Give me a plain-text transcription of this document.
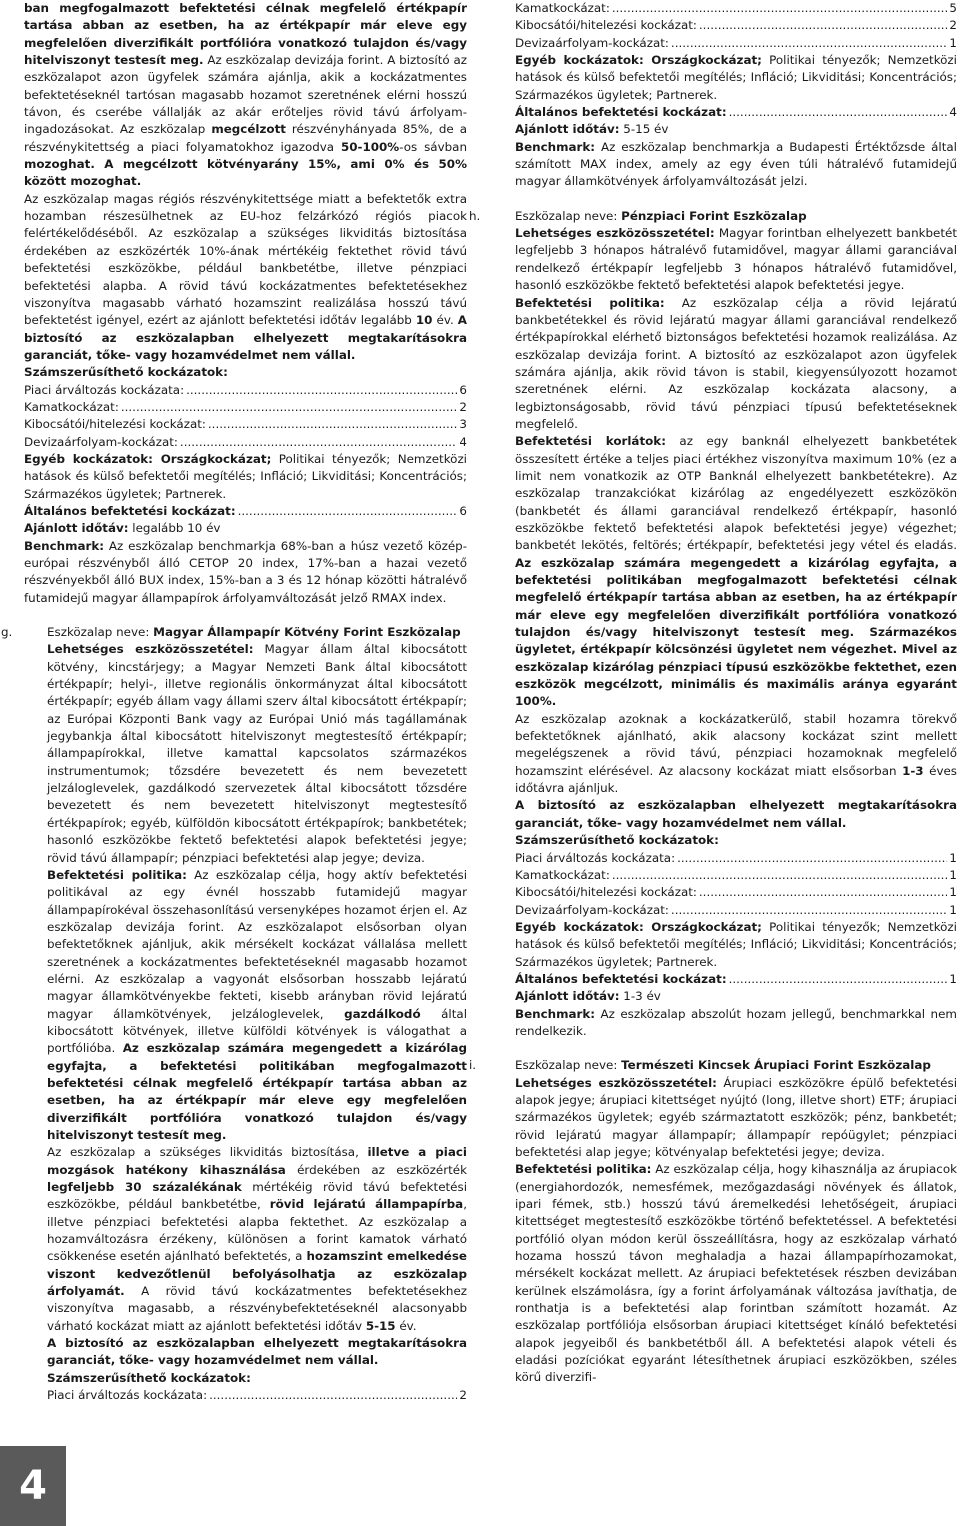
ban megfogalmazott befektetési célnak megfelelő értékpapír tartása abban az esetben, ha az értékpapír már eleve egy megfelelően diverzifikált portfólióra vonatkozó tulajdon és/vagy hitelviszonyt testesít meg. Az eszközalap devizája forint. A biztosító az eszközalapot azon ügyfelek számára ajánlja, akik a kockázatmentes befektetéseknél tartósan magasabb hozamot szeretnének elérni hosszú távon, és cserébe vállalják az akár erőteljes rövid távú árfolyam-ingadozásokat. Az eszközalap megcélzott részvényhányada 85%, de a részvénykitettség a piaci folyamatokhoz igazodva 50-100%-os sávban mozoghat. A megcélzott kötvényarány 15%, ami 0% és 50% között mozoghat.

Az eszközalap magas régiós részvénykitettsége miatt a befektetők extra hozamban részesülhetnek az EU-hoz felzárkózó régiós piacok felértékelődéséből. Az eszközalap a szükséges likviditás biztosítása érdekében az eszközérték 10%-ának mértékéig fektethet rövid távú befektetési eszközökbe, például bankbetétbe, illetve pénzpiaci befektetési alapba. A rövid távú kockázatmentes befektetésekhez viszonyítva magasabb várható hozamszint realizálása hosszú távú befektetést igényel, ezért az ajánlott befektetési időtáv legalább 10 év. A biztosító az eszközalapban elhelyezett megtakarításokra garanciát, tőke- vagy hozamvédelmet nem vállal.

Számszerűsíthető kockázatok:

Piaci árváltozás kockázata: .....	6
Kamatkockázat: .....	2
Kibocsátói/hitelezési kockázat: .....	3
Devizaárfolyam-kockázat: .....	4

Egyéb kockázatok: Országkockázat; Politikai tényezők; Nemzetközi hatások és külső befektetői megítélés; Infláció; Likviditási; Koncentrációs; Származékos ügyletek; Partnerek.

Általános befektetési kockázat: .....	6

Ajánlott időtáv: legalább 10 év

Benchmark: Az eszközalap benchmarkja 68%-ban a húsz vezető közép-európai részvényből álló CETOP 20 index, 17%-ban a hazai vezető részvényekből álló BUX index, 15%-ban a 3 és 12 hónap közötti hátralévő futamidejű magyar állampapírok árfolyamváltozását jelző RMAX index.

g.	Eszközalap neve: Magyar Állampapír Kötvény Forint Eszközalap

Lehetséges eszközösszetétel: Magyar állam által kibocsátott kötvény, kincstárjegy; a Magyar Nemzeti Bank által kibocsátott értékpapír; helyi-, illetve regionális önkormányzat által kibocsátott értékpapír; egyéb állam vagy állami szerv által kibocsátott értékpapír; az Európai Központi Bank vagy az Európai Unió más tagállamának jegybankja által kibocsátott hitelviszonyt megtestesítő értékpapír; állampapírokkal, illetve kamattal kapcsolatos származékos instrumentumok; tőzsdére bevezetett és nem bevezetett jelzáloglevelek, gazdálkodó szervezetek által kibocsátott tőzsdére bevezetett és nem bevezetett hitelviszonyt megtestesítő értékpapírok; egyéb, külföldön kibocsátott értékpapírok; bankbetétek; hasonló eszközökbe fektető befektetési alapok befektetési jegye; rövid távú állampapír; pénzpiaci befektetési alap jegye; deviza.

Befektetési politika: Az eszközalap célja, hogy aktív befektetési politikával az egy évnél hosszabb futamidejű magyar állampapírokéval összehasonlítású versenyképes hozamot érjen el. Az eszközalap devizája forint. Az eszközalapot elsősorban olyan befektetőknek ajánljuk, akik mérsékelt kockázat vállalása mellett szeretnének a kockázatmentes befektetéseknél magasabb hozamot elérni. Az eszközalap a vagyonát elsősorban hosszabb lejáratú magyar államkötvényekbe fekteti, kisebb arányban rövid lejáratú magyar államkötvények, jelzáloglevelek, gazdálkodó által kibocsátott kötvények, illetve külföldi kötvények is válogathat a portfólióba. Az eszközalap számára megengedett a kizárólag egyfajta, a befektetési politikában megfogalmazott befektetési célnak megfelelő értékpapír tartása abban az esetben, ha az értékpapír már eleve egy megfelelően diverzifikált portfólióra vonatkozó tulajdon és/vagy hitelviszonyt testesít meg.

Az eszközalap a szükséges likviditás biztosítása, illetve a piaci mozgások hatékony kihasználása érdekében az eszközérték legfeljebb 30 százalékának mértékéig rövid távú befektetési eszközökbe, például bankbetétbe, rövid lejáratú állampapírba, illetve pénzpiaci befektetési alapba fektethet. Az eszközalap a hozamváltozásra érzékeny, különösen a forint kamatok várható csökkenése esetén ajánlható befektetés, a hozamszint emelkedése viszont kedvezőtlenül befolyásolhatja az eszközalap árfolyamát. A rövid távú kockázatmentes befektetésekhez viszonyítva magasabb, a részvénybefektetéseknél alacsonyabb várható kockázat miatt az ajánlott befektetési időtáv 5-15 év.

A biztosító az eszközalapban elhelyezett megtakarításokra garanciát, tőke- vagy hozamvédelmet nem vállal.

Számszerűsíthető kockázatok:

Piaci árváltozás kockázata: .....	2
Kamatkockázat: .....	5
Kibocsátói/hitelezési kockázat: .....	2
Devizaárfolyam-kockázat: .....	1

Egyéb kockázatok: Országkockázat; Politikai tényezők; Nemzetközi hatások és külső befektetői megítélés; Infláció; Likviditási; Koncentrációs; Származékos ügyletek; Partnerek.

Általános befektetési kockázat: .....	4

Ajánlott időtáv: 5-15 év

Benchmark: Az eszközalap benchmarkja a Budapesti Értéktőzsde által számított MAX index, amely az egy éven túli hátralévő futamidejű magyar államkötvények árfolyamváltozását jelzi.

h.	Eszközalap neve: Pénzpiaci Forint Eszközalap

Lehetséges eszközösszetétel: Magyar forintban elhelyezett bankbetét legfeljebb 3 hónapos hátralévő futamidővel, magyar állami garanciával rendelkező értékpapír legfeljebb 3 hónapos hátralévő futamidővel, hasonló eszközökbe fektető befektetési alapok befektetési jegye.

Befektetési politika: Az eszközalap célja a rövid lejáratú bankbetétekkel és rövid lejáratú magyar állami garanciával rendelkező értékpapírokkal elérhető biztonságos befektetési hozamok realizálása. Az eszközalap devizája forint. A biztosító az eszközalapot azon ügyfelek számára ajánlja, akik rövid távon is stabil, kiegyensúlyozott hozamot szeretnének elérni. Az eszközalap kockázata alacsony, a legbiztonságosabb, rövid távú pénzpiaci típusú befektetéseknek megfelelő.

Befektetési korlátok: az egy banknál elhelyezett bankbetétek összesített értéke a teljes piaci értékhez viszonyítva maximum 10% (ez a limit nem vonatkozik az OTP Banknál elhelyezett bankbetétekre). Az eszközalap tranzakciókat kizárólag az engedélyezett eszközökön (bankbetét és állami garanciával rendelkező értékpapír, hasonló eszközökbe fektető befektetési alapok befektetési jegye) végezhet; bankbetét lekötés, feltörés; értékpapír, befektetési jegy vétel és eladás. Az eszközalap számára megengedett a kizárólag egyfajta, a befektetési politikában megfogalmazott befektetési célnak megfelelő értékpapír tartása abban az esetben, ha az értékpapír már eleve egy megfelelően diverzifikált portfólióra vonatkozó tulajdon és/vagy hitelviszonyt testesít meg. Származékos ügyletet, értékpapír kölcsönzési ügyletet nem végezhet. Mivel az eszközalap kizárólag pénzpiaci típusú eszközökbe fektethet, ezen eszközök megcélzott, minimális és maximális aránya egyaránt 100%.

Az eszközalap azoknak a kockázatkerülő, stabil hozamra törekvő befektetőknek ajánlható, akik alacsony kockázat szint mellett megelégszenek a rövid távú, pénzpiaci hozamoknak megfelelő hozamszint elérésével. Az alacsony kockázat miatt elsősorban 1-3 éves időtávra ajánljuk.

A biztosító az eszközalapban elhelyezett megtakarításokra garanciát, tőke- vagy hozamvédelmet nem vállal.

Számszerűsíthető kockázatok:

Piaci árváltozás kockázata: .....	1
Kamatkockázat: .....	1
Kibocsátói/hitelezési kockázat: .....	1
Devizaárfolyam-kockázat: .....	1

Egyéb kockázatok: Országkockázat; Politikai tényezők; Nemzetközi hatások és külső befektetői megítélés; Infláció; Likviditási; Koncentrációs; Származékos ügyletek; Partnerek.

Általános befektetési kockázat: .....	1

Ajánlott időtáv: 1-3 év

Benchmark: Az eszközalap abszolút hozam jellegű, benchmarkkal nem rendelkezik.

i.	Eszközalap neve: Természeti Kincsek Árupiaci Forint Eszközalap

Lehetséges eszközösszetétel: Árupiaci eszközökre épülő befektetési alapok jegye; árupiaci kitettséget nyújtó (long, illetve short) ETF; árupiaci származékos ügyletek; egyéb származtatott eszközök; pénz, bankbetét; rövid lejáratú magyar állampapír; állampapír repóügylet; pénzpiaci befektetési alap jegye; kötvényalap befektetési jegye; deviza.

Befektetési politika: Az eszközalap célja, hogy kihasználja az árupiacok (energiahordozók, nemesfémek, mezőgazdasági növények és állatok, ipari fémek, stb.) hosszú távú áremelkedési lehetőségeit, árupiaci kitettséget megtestesítő eszközökbe történő befektetéssel. A befektetési portfólió olyan módon kerül összeállításra, hogy az eszközalap várható hozama hosszú távon meghaladja a hazai állampapírhozamokat, mérsékelt kockázat mellett. Az árupiaci befektetések részben devizában kerülnek elszámolásra, így a forint árfolyamának változása javíthatja, de ronthatja is a befektetési alap forintban számított hozamát. Az eszközalap portfóliója elsősorban árupiaci kitettséget kínáló befektetési alapok jegyeiből és bankbetétből áll. A befektetési alapok vételi és eladási pozíciókat egyaránt létesíthetnek árupiaci eszközökben, széles körű diverzifi-

4
